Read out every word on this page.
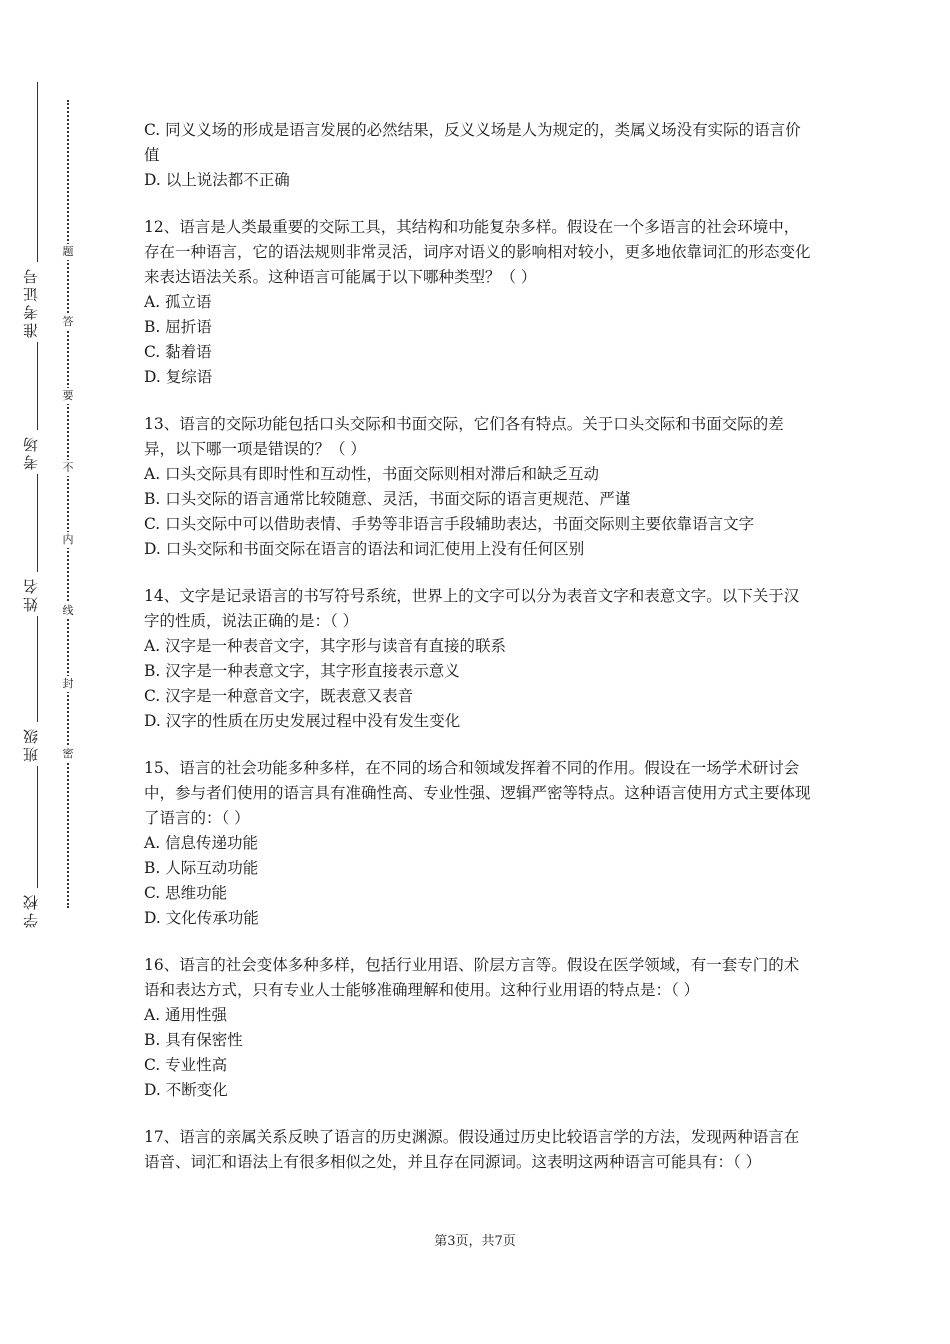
准考证号
考场
姓名
班级
学校
题
答
要
不
内
线
封
密

C. 同义义场的形成是语言发展的必然结果，反义义场是人为规定的，类属义场没有实际的语言价值

D. 以上说法都不正确

12、语言是人类最重要的交际工具，其结构和功能复杂多样。假设在一个多语言的社会环境中，存在一种语言，它的语法规则非常灵活，词序对语义的影响相对较小，更多地依靠词汇的形态变化来表达语法关系。这种语言可能属于以下哪种类型？（ ）

A. 孤立语

B. 屈折语

C. 黏着语

D. 复综语

13、语言的交际功能包括口头交际和书面交际，它们各有特点。关于口头交际和书面交际的差异，以下哪一项是错误的？（ ）

A. 口头交际具有即时性和互动性，书面交际则相对滞后和缺乏互动

B. 口头交际的语言通常比较随意、灵活，书面交际的语言更规范、严谨

C. 口头交际中可以借助表情、手势等非语言手段辅助表达，书面交际则主要依靠语言文字

D. 口头交际和书面交际在语言的语法和词汇使用上没有任何区别

14、文字是记录语言的书写符号系统，世界上的文字可以分为表音文字和表意文字。以下关于汉字的性质，说法正确的是：（ ）

A. 汉字是一种表音文字，其字形与读音有直接的联系

B. 汉字是一种表意文字，其字形直接表示意义

C. 汉字是一种意音文字，既表意又表音

D. 汉字的性质在历史发展过程中没有发生变化

15、语言的社会功能多种多样，在不同的场合和领域发挥着不同的作用。假设在一场学术研讨会中，参与者们使用的语言具有准确性高、专业性强、逻辑严密等特点。这种语言使用方式主要体现了语言的：（ ）

A. 信息传递功能

B. 人际互动功能

C. 思维功能

D. 文化传承功能

16、语言的社会变体多种多样，包括行业用语、阶层方言等。假设在医学领域，有一套专门的术语和表达方式，只有专业人士能够准确理解和使用。这种行业用语的特点是：（ ）

A. 通用性强

B. 具有保密性

C. 专业性高

D. 不断变化

17、语言的亲属关系反映了语言的历史渊源。假设通过历史比较语言学的方法，发现两种语言在语音、词汇和语法上有很多相似之处，并且存在同源词。这表明这两种语言可能具有：（ ）

第3页，共7页
